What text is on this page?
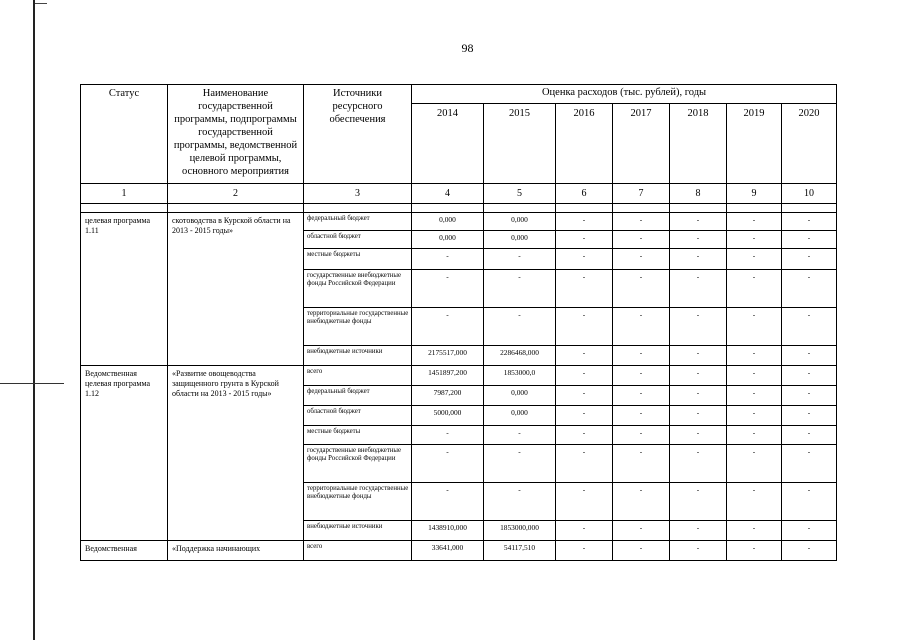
98
Статус	Наименование государственной программы, подпрограммы государственной программы, ведомственной целевой программы, основного мероприятия	Источники ресурсного обеспечения	Оценка расходов (тыс. рублей), годы						
			2014	2015	2016	2017	2018	2019	2020
1	2	3	4	5	6	7	8	9	10

целевая программа 1.11	скотоводства в Курской области на 2013 - 2015 годы»	федеральный бюджет	0,000	0,000	-	-	-	-	-
		областной бюджет	0,000	0,000	-	-	-	-	-
		местные бюджеты	-	-	-	-	-	-	-
		государственные внебюджетные фонды Российской Федерации	-	-	-	-	-	-	-
		территориальные государственные внебюджетные фонды	-	-	-	-	-	-	-
		внебюджетные источники	2175517,000	2286468,000	-	-	-	-	-
Ведомственная целевая программа 1.12	«Развитие овощеводства защищенного грунта в Курской области на 2013 - 2015 годы»	всего	1451897,200	1853000,0	-	-	-	-	-
		федеральный бюджет	7987,200	0,000	-	-	-	-	-
		областной бюджет	5000,000	0,000	-	-	-	-	-
		местные бюджеты	-	-	-	-	-	-	-
		государственные внебюджетные фонды Российской Федерации	-	-	-	-	-	-	-
		территориальные государственные внебюджетные фонды	-	-	-	-	-	-	-
		внебюджетные источники	1438910,000	1853000,000	-	-	-	-	-
Ведомственная	«Поддержка начинающих	всего	33641,000	54117,510	-	-	-	-	-
